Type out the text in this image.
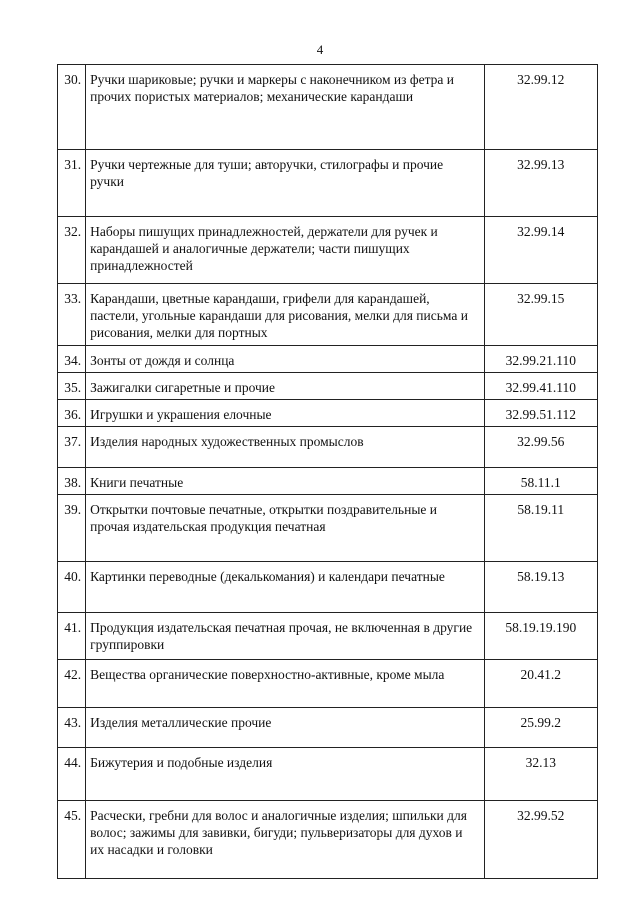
4
30.	Ручки шариковые; ручки и маркеры с наконечником из фетра и прочих пористых материалов; механические карандаши	32.99.12
31.	Ручки чертежные для туши; авторучки, стилографы и прочие ручки	32.99.13
32.	Наборы пишущих принадлежностей, держатели для ручек и карандашей и аналогичные держатели; части пишущих принадлежностей	32.99.14
33.	Карандаши, цветные карандаши, грифели для карандашей, пастели, угольные карандаши для рисования, мелки для письма и рисования, мелки для портных	32.99.15
34.	Зонты от дождя и солнца	32.99.21.110
35.	Зажигалки сигаретные и прочие	32.99.41.110
36.	Игрушки и украшения елочные	32.99.51.112
37.	Изделия народных художественных промыслов	32.99.56
38.	Книги печатные	58.11.1
39.	Открытки почтовые печатные, открытки поздравительные и прочая издательская продукция печатная	58.19.11
40.	Картинки переводные (декалькомания) и календари печатные	58.19.13
41.	Продукция издательская печатная прочая, не включенная в другие группировки	58.19.19.190
42.	Вещества органические поверхностно-активные, кроме мыла	20.41.2
43.	Изделия металлические прочие	25.99.2
44.	Бижутерия и подобные изделия	32.13
45.	Расчески, гребни для волос и аналогичные изделия; шпильки для волос; зажимы для завивки, бигуди; пульверизаторы для духов и их насадки и головки	32.99.52
